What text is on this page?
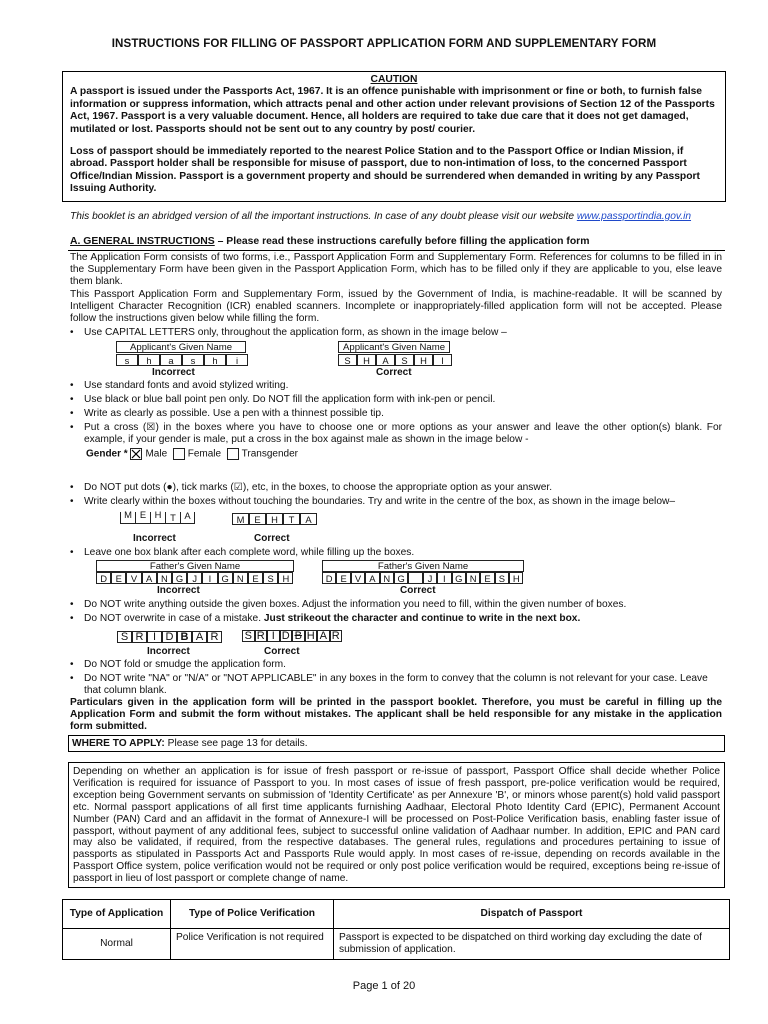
INSTRUCTIONS FOR FILLING OF PASSPORT APPLICATION FORM AND SUPPLEMENTARY FORM
CAUTION

A passport is issued under the Passports Act, 1967. It is an offence punishable with imprisonment or fine or both, to furnish false information or suppress information, which attracts penal and other action under relevant provisions of Section 12 of the Passports Act, 1967. Passport is a very valuable document. Hence, all holders are required to take due care that it does not get damaged, mutilated or lost. Passports should not be sent out to any country by post/ courier.

Loss of passport should be immediately reported to the nearest Police Station and to the Passport Office or Indian Mission, if abroad. Passport holder shall be responsible for misuse of passport, due to non-intimation of loss, to the concerned Passport Office/Indian Mission. Passport is a government property and should be surrendered when demanded in writing by any Passport Issuing Authority.

This booklet is an abridged version of all the important instructions. In case of any doubt please visit our website www.passportindia.gov.in
A. GENERAL INSTRUCTIONS – Please read these instructions carefully before filling the application form
The Application Form consists of two forms, i.e., Passport Application Form and Supplementary Form. References for columns to be filled in in the Supplementary Form have been given in the Passport Application Form, which has to be filled only if they are applicable to you, else leave them blank.
This Passport Application Form and Supplementary Form, issued by the Government of India, is machine-readable. It will be scanned by Intelligent Character Recognition (ICR) enabled scanners. Incomplete or inappropriately-filled application form will not be accepted. Please follow the instructions given below while filling the form.
•	Use CAPITAL LETTERS only, throughout the application form, as shown in the image below –
Applicant's Given Name
s	h	a	s	h	i
Incorrect
Applicant's Given Name
S	H	A	S	H	I
Correct
•	Use standard fonts and avoid stylized writing.
•	Use black or blue ball point pen only. Do NOT fill the application form with ink-pen or pencil.
•	Write as clearly as possible. Use a pen with a thinnest possible tip.
•	Put a cross (☒) in the boxes where you have to choose one or more options as your answer and leave the other option(s) blank. For example, if your gender is male, put a cross in the box against male as shown in the image below -
Gender * Male Female Transgender
•	Do NOT put dots (●), tick marks (☑), etc, in the boxes, to choose the appropriate option as your answer.
•	Write clearly within the boxes without touching the boundaries. Try and write in the centre of the box, as shown in the image below–
M E H T A	M	E	H	T	A
Incorrect	Correct
•	Leave one box blank after each complete word, while filling up the boxes.
Father's Given Name
D E V A N G J	I	G N E S H
Incorrect
Father's Given Name
D E V A N G	J	I	G N E S H
Correct
•	Do NOT write anything outside the given boxes. Adjust the information you need to fill, within the given number of boxes.
•	Do NOT overwrite in case of a mistake. Just strikeout the character and continue to write in the next box.
S R I D B A R	S R I D B H A R
Incorrect	Correct
•	Do NOT fold or smudge the application form.
•	Do NOT write "NA" or "N/A" or "NOT APPLICABLE" in any boxes in the form to convey that the column is not relevant for your case. Leave that column blank.
Particulars given in the application form will be printed in the passport booklet. Therefore, you must be careful in filling up the Application Form and submit the form without mistakes. The applicant shall be held responsible for any mistake in the application form submitted.
WHERE TO APPLY: Please see page 13 for details.
Depending on whether an application is for issue of fresh passport or re-issue of passport, Passport Office shall decide whether Police Verification is required for issuance of Passport to you. In most cases of issue of fresh passport, pre-police verification would be required, exception being Government servants on submission of 'Identity Certificate' as per Annexure 'B', or minors whose parent(s) hold valid passport etc. Normal passport applications of all first time applicants furnishing Aadhaar, Electoral Photo Identity Card (EPIC), Permanent Account Number (PAN) Card and an affidavit in the format of Annexure-I will be processed on Post-Police Verification basis, enabling faster issue of passport, without payment of any additional fees, subject to successful online validation of Aadhaar number. In addition, EPIC and PAN card may also be validated, if required, from the respective databases. The general rules, regulations and procedures pertaining to issue of passports as stipulated in Passports Act and Passports Rule would apply. In most cases of re-issue, depending on records available in the Passport Office system, police verification would not be required or only post police verification would be required, exceptions being re-issue of passport in lieu of lost passport or complete change of name.
Type of Application	Type of Police Verification	Dispatch of Passport
Normal	Police Verification is not required	Passport is expected to be dispatched on third working day excluding the date of submission of application.
Page 1 of 20
